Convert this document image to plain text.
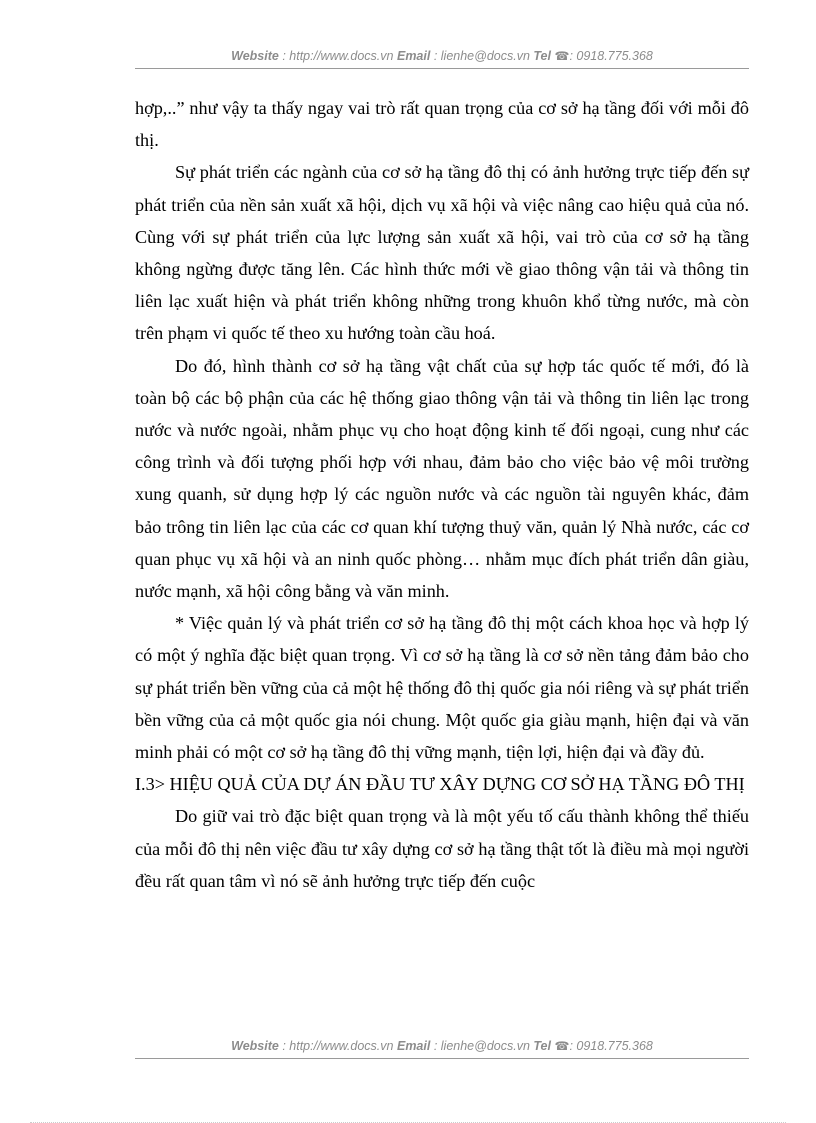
Website : http://www.docs.vn Email : lienhe@docs.vn Tel ☎: 0918.775.368

hợp,..” như vậy ta thấy ngay vai trò rất quan trọng của cơ sở hạ tầng đối với mỗi đô thị.

Sự phát triển các ngành của cơ sở hạ tầng đô thị có ảnh hưởng trực tiếp đến sự phát triển của nền sản xuất xã hội, dịch vụ xã hội và việc nâng cao hiệu quả của nó. Cùng với sự phát triển của lực lượng sản xuất xã hội, vai trò của cơ sở hạ tầng không ngừng được tăng lên. Các hình thức mới về giao thông vận tải và thông tin liên lạc xuất hiện và phát triển không những trong khuôn khổ từng nước, mà còn trên phạm vi quốc tế theo xu hướng toàn cầu hoá.

Do đó, hình thành cơ sở hạ tầng vật chất của sự hợp tác quốc tế mới, đó là toàn bộ các bộ phận của các hệ thống giao thông vận tải và thông tin liên lạc trong nước và nước ngoài, nhằm phục vụ cho hoạt động kinh tế đối ngoại, cung như các công trình và đối tượng phối hợp với nhau, đảm bảo cho việc bảo vệ môi trường xung quanh, sử dụng hợp lý các nguồn nước và các nguồn tài nguyên khác, đảm bảo trông tin liên lạc của các cơ quan khí tượng thuỷ văn, quản lý Nhà nước, các cơ quan phục vụ xã hội và an ninh quốc phòng… nhằm mục đích phát triển dân giàu, nước mạnh, xã hội công bằng và văn minh.

* Việc quản lý và phát triển cơ sở hạ tầng đô thị một cách khoa học và hợp lý có một ý nghĩa đặc biệt quan trọng. Vì cơ sở hạ tầng là cơ sở nền tảng đảm bảo cho sự phát triển bền vững của cả một hệ thống đô thị quốc gia nói riêng và sự phát triển bền vững của cả một quốc gia nói chung. Một quốc gia giàu mạnh, hiện đại và văn minh phải có một cơ sở hạ tầng đô thị vững mạnh, tiện lợi, hiện đại và đầy đủ.

I.3> HIỆU QUẢ CỦA DỰ ÁN ĐẦU TƯ XÂY DỰNG CƠ SỞ HẠ TẦNG ĐÔ THỊ

Do giữ vai trò đặc biệt quan trọng và là một yếu tố cấu thành không thể thiếu của mỗi đô thị nên việc đầu tư xây dựng cơ sở hạ tầng thật tốt là điều mà mọi người đều rất quan tâm vì nó sẽ ảnh hưởng trực tiếp đến cuộc

Website : http://www.docs.vn Email : lienhe@docs.vn Tel ☎: 0918.775.368
